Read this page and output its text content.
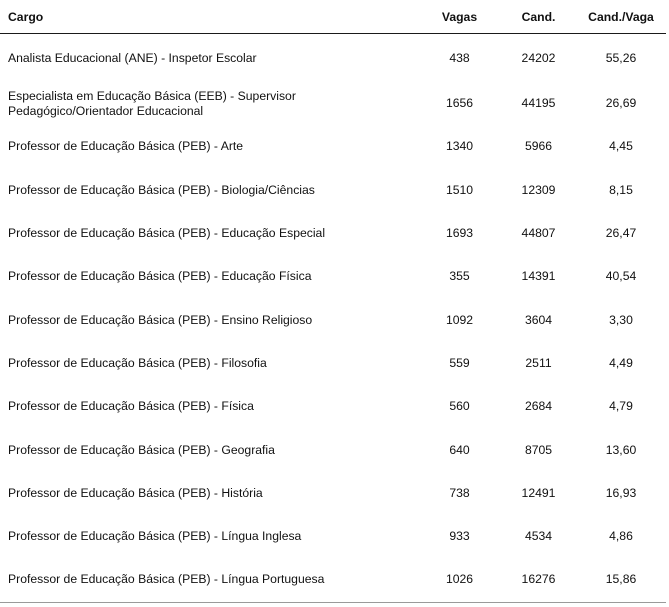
Cargo	Vagas	Cand.	Cand./Vaga
Analista Educacional (ANE) - Inspetor Escolar	438	24202	55,26
Especialista em Educação Básica (EEB) - Supervisor Pedagógico/Orientador Educacional	1656	44195	26,69
Professor de Educação Básica (PEB) - Arte	1340	5966	4,45
Professor de Educação Básica (PEB) - Biologia/Ciências	1510	12309	8,15
Professor de Educação Básica (PEB) - Educação Especial	1693	44807	26,47
Professor de Educação Básica (PEB) - Educação Física	355	14391	40,54
Professor de Educação Básica (PEB) - Ensino Religioso	1092	3604	3,30
Professor de Educação Básica (PEB) - Filosofia	559	2511	4,49
Professor de Educação Básica (PEB) - Física	560	2684	4,79
Professor de Educação Básica (PEB) - Geografia	640	8705	13,60
Professor de Educação Básica (PEB) - História	738	12491	16,93
Professor de Educação Básica (PEB) - Língua Inglesa	933	4534	4,86
Professor de Educação Básica (PEB) - Língua Portuguesa	1026	16276	15,86
